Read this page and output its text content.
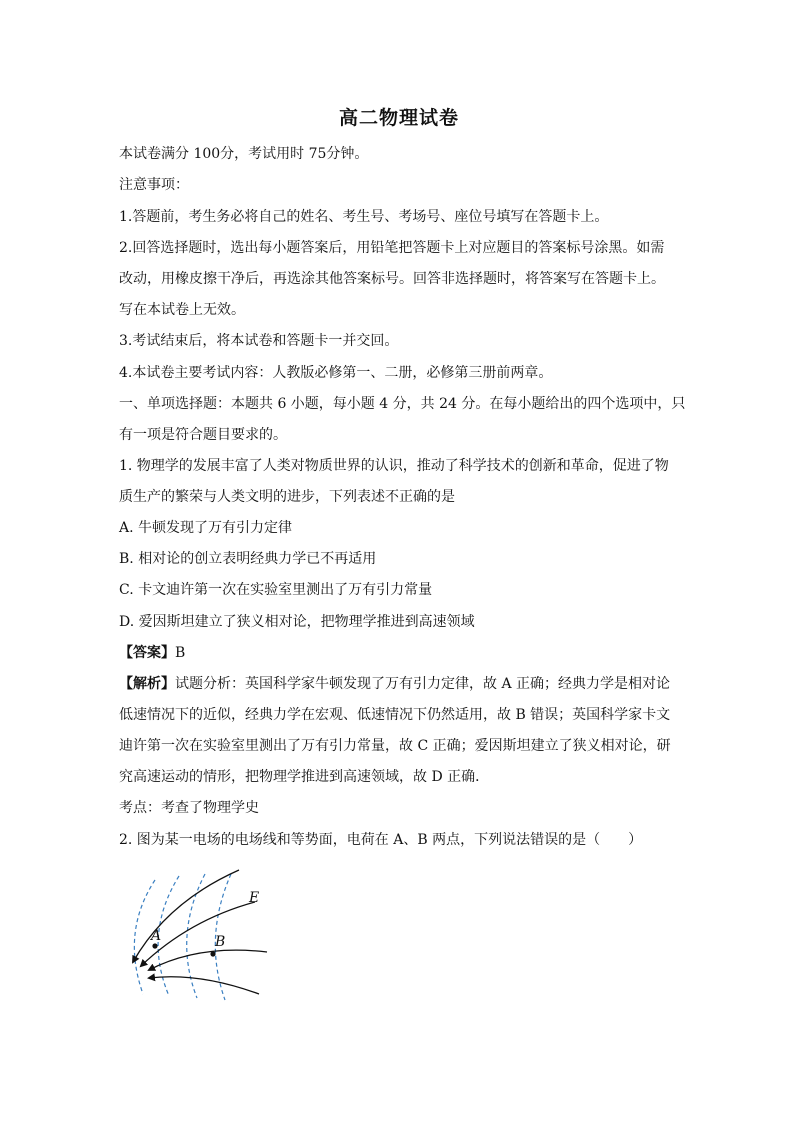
高二物理试卷
本试卷满分 100分，考试用时 75分钟。
注意事项：
1.答题前，考生务必将自己的姓名、考生号、考场号、座位号填写在答题卡上。
2.回答选择题时，选出每小题答案后，用铅笔把答题卡上对应题目的答案标号涂黑。如需
改动，用橡皮擦干净后，再选涂其他答案标号。回答非选择题时，将答案写在答题卡上。
写在本试卷上无效。
3.考试结束后，将本试卷和答题卡一并交回。
4.本试卷主要考试内容：人教版必修第一、二册，必修第三册前两章。
一、单项选择题：本题共 6 小题，每小题 4 分，共 24 分。在每小题给出的四个选项中，只
有一项是符合题目要求的。
1. 物理学的发展丰富了人类对物质世界的认识，推动了科学技术的创新和革命，促进了物
质生产的繁荣与人类文明的进步，下列表述不正确的是
A. 牛顿发现了万有引力定律
B. 相对论的创立表明经典力学已不再适用
C. 卡文迪许第一次在实验室里测出了万有引力常量
D. 爱因斯坦建立了狭义相对论，把物理学推进到高速领域
【答案】B
【解析】试题分析：英国科学家牛顿发现了万有引力定律，故 A 正确；经典力学是相对论
低速情况下的近似，经典力学在宏观、低速情况下仍然适用，故 B 错误；英国科学家卡文
迪许第一次在实验室里测出了万有引力常量，故 C 正确；爱因斯坦建立了狭义相对论，研
究高速运动的情形，把物理学推进到高速领域，故 D 正确．
考点：考查了物理学史
2. 图为某一电场的电场线和等势面，电荷在 A、B 两点，下列说法错误的是（　　）
E
A	B
